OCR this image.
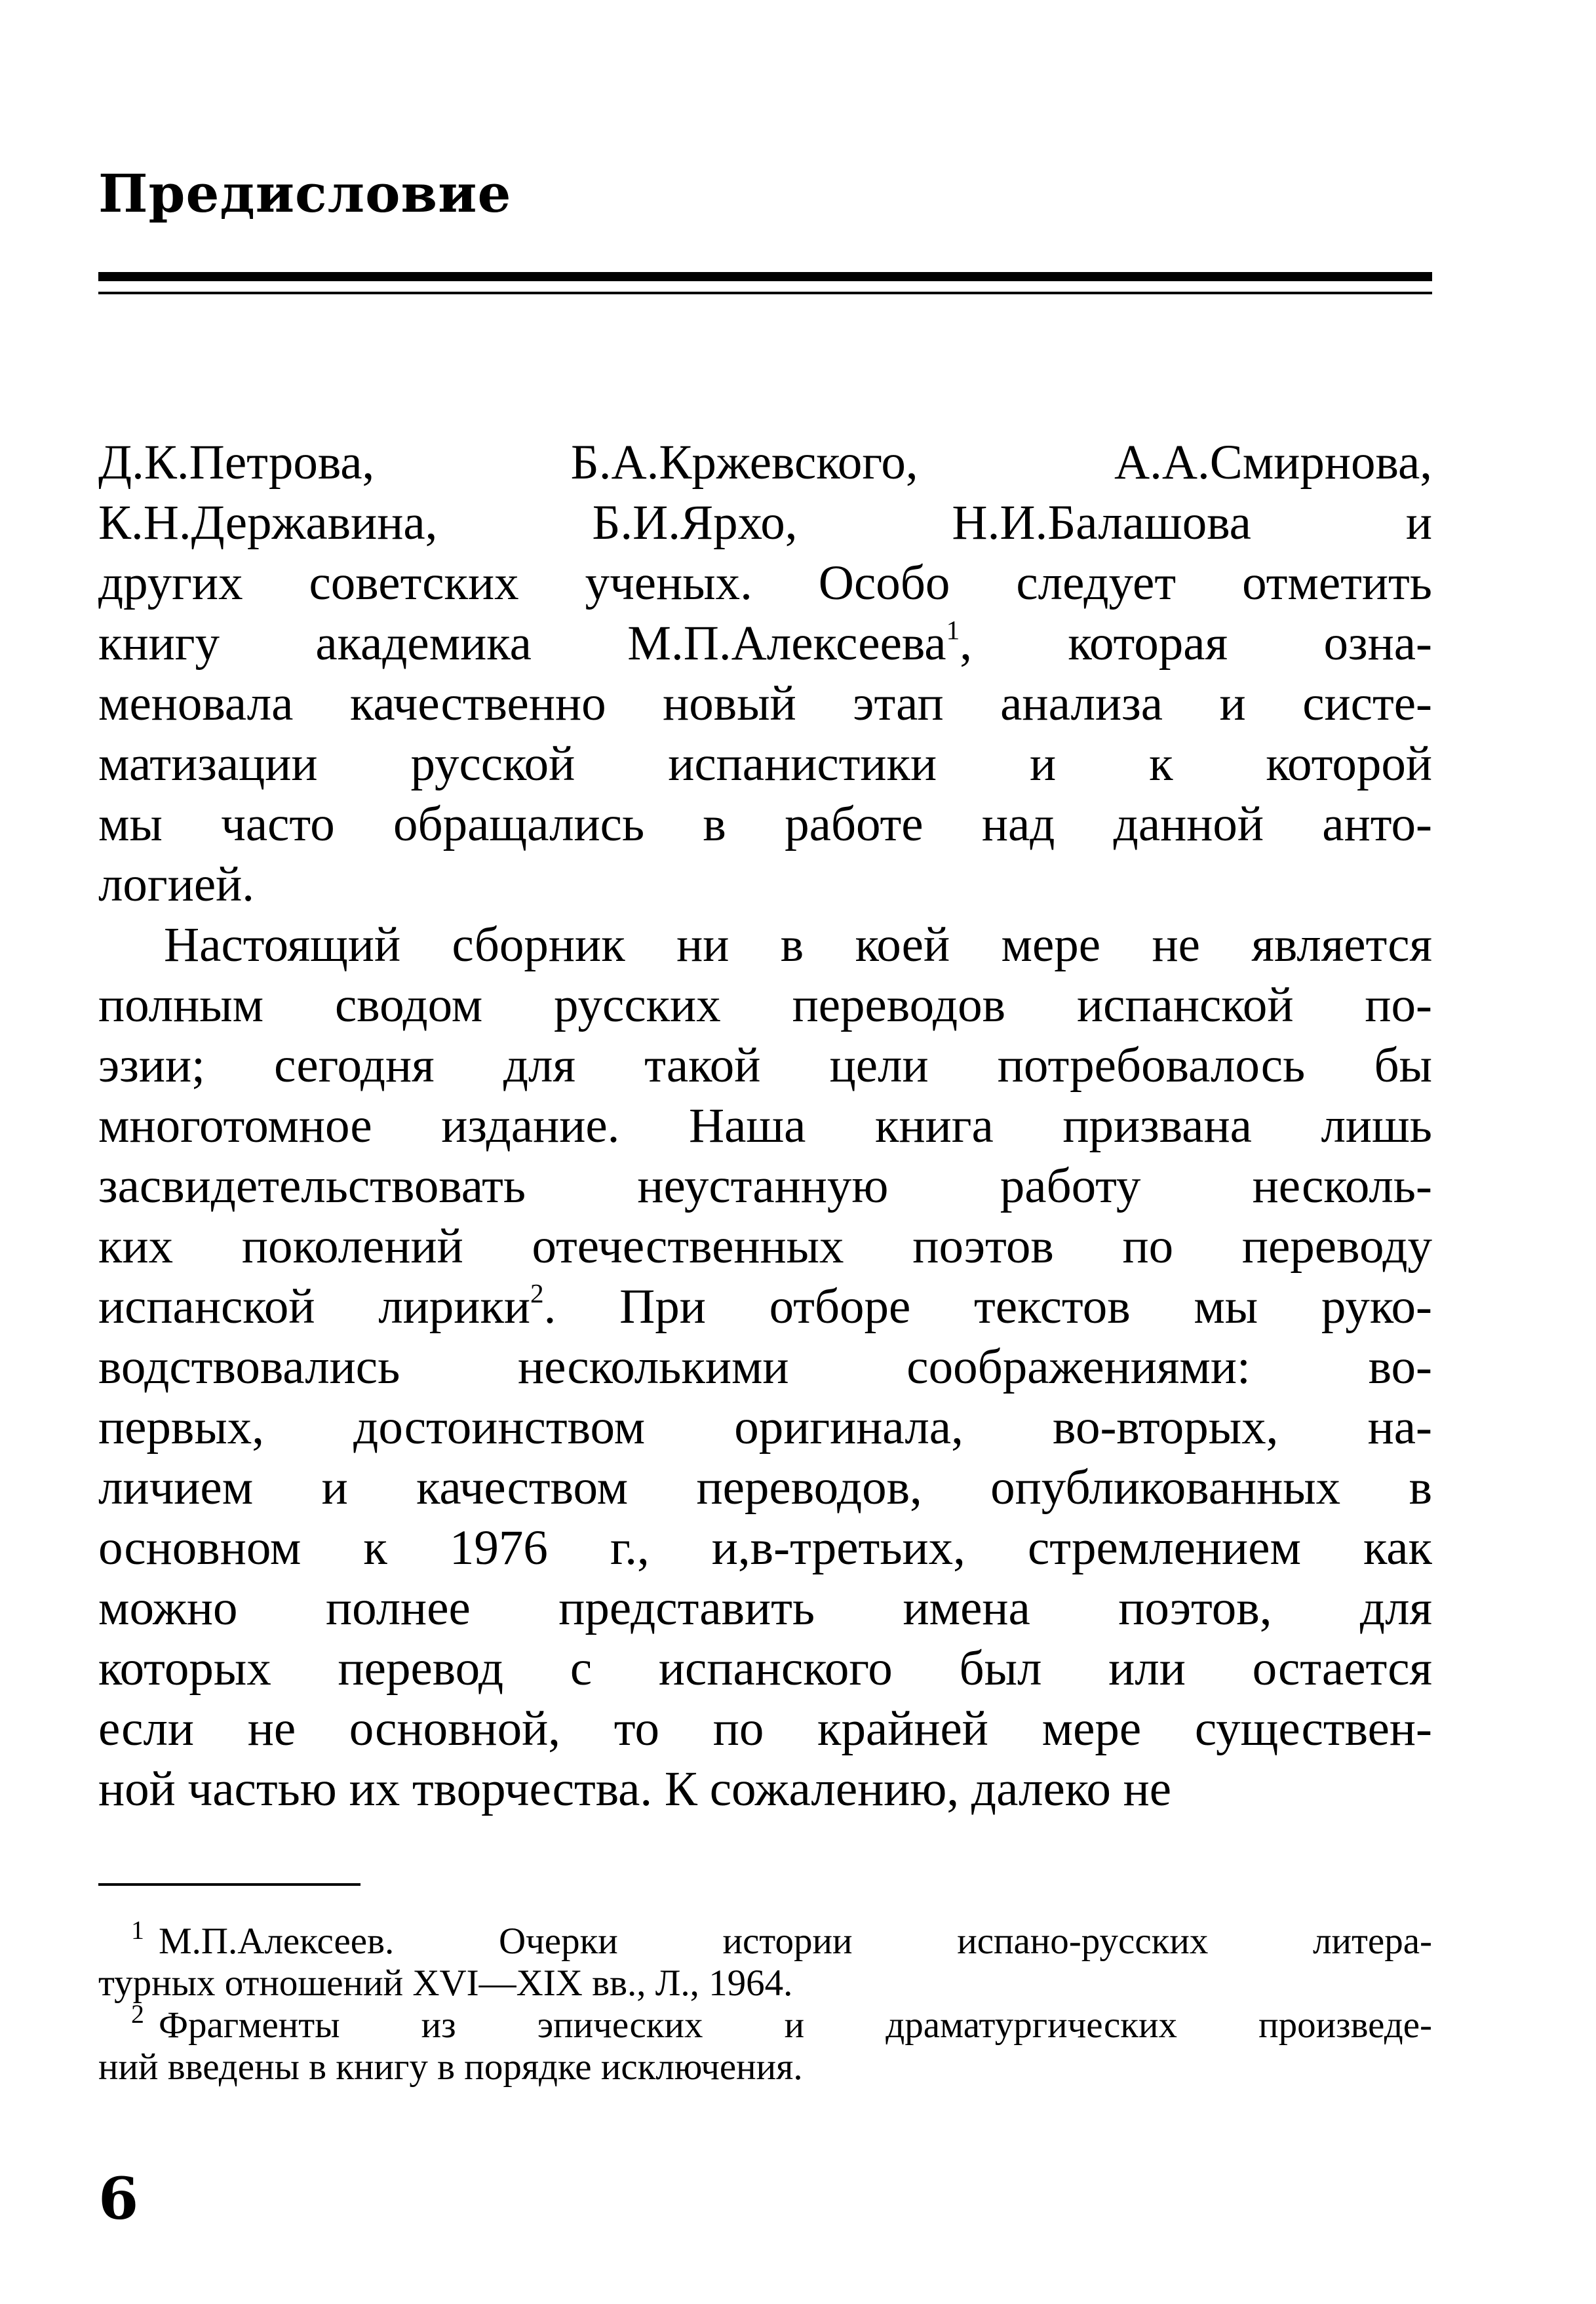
Предисловие
Д.К.Петрова, Б.А.Кржевского, А.А.Смирнова,
К.Н.Державина, Б.И.Ярхо, Н.И.Балашова и
других советских ученых. Особо следует отметить
книгу академика М.П.Алексеева$^1$, которая озна-
меновала качественно новый этап анализа и систе-
матизации русской испанистики и к которой
мы часто обращались в работе над данной анто-
логией.
Настоящий сборник ни в коей мере не является
полным сводом русских переводов испанской по-
эзии; сегодня для такой цели потребовалось бы
многотомное издание. Наша книга призвана лишь
засвидетельствовать неустанную работу несколь-
ких поколений отечественных поэтов по переводу
испанской лирики$^2$. При отборе текстов мы руко-
водствовались несколькими соображениями: во-
первых, достоинством оригинала, во-вторых, на-
личием и качеством переводов, опубликованных в
основном к 1976 г., и,в-третьих, стремлением как
можно полнее представить имена поэтов, для
которых перевод с испанского был или остается
если не основной, то по крайней мере существен-
ной частью их творчества. К сожалению, далеко не
$^1$ М.П.Алексеев. Очерки истории испано-русских литера-
турных отношений XVI—XIX вв., Л., 1964.
$^2$ Фрагменты из эпических и драматургических произведе-
ний введены в книгу в порядке исключения.
6
